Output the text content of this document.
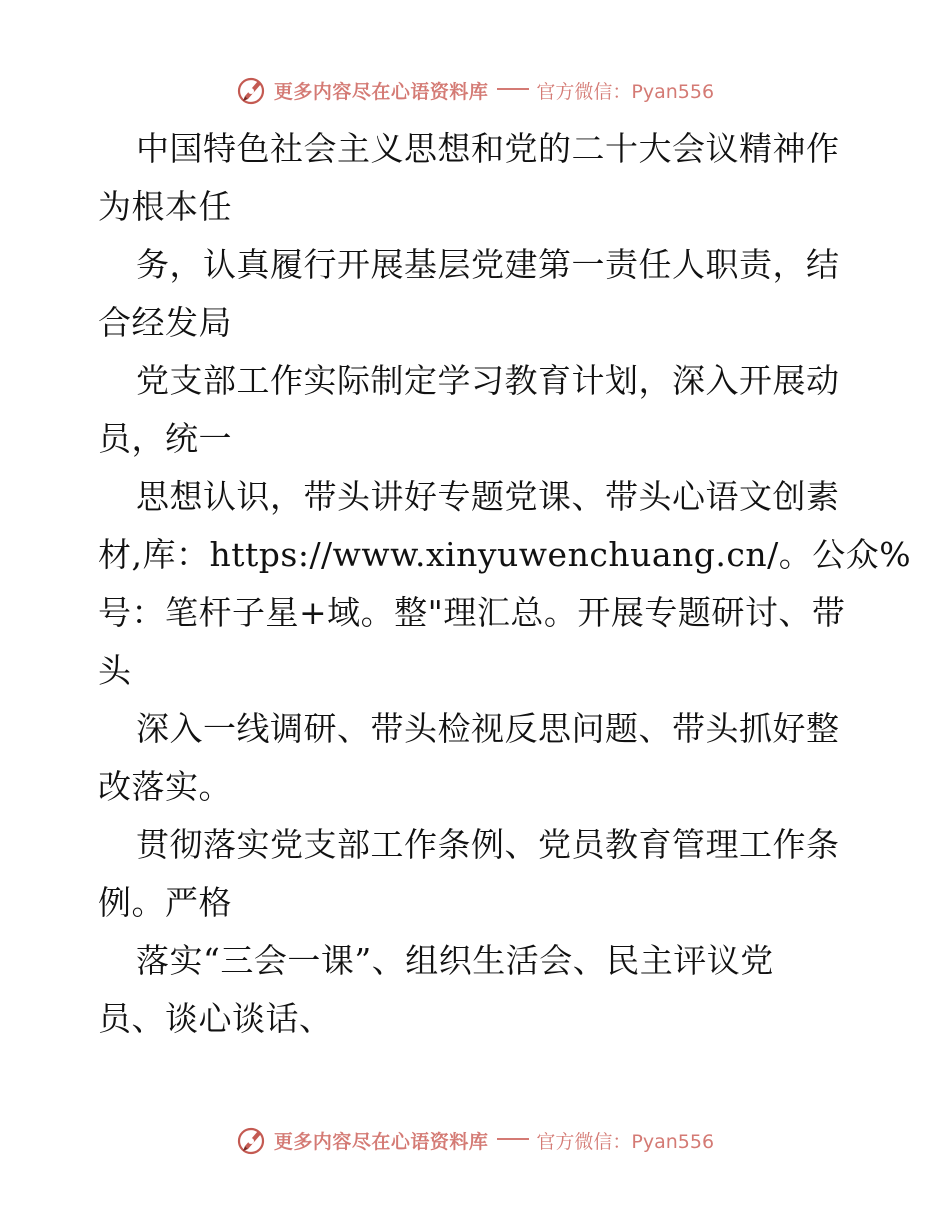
更多内容尽在心语资料库	官方微信：Pyan556
中国特色社会主义思想和党的二十大会议精神作
为根本任
务，认真履行开展基层党建第一责任人职责，结
合经发局
党支部工作实际制定学习教育计划，深入开展动
员，统一
思想认识，带头讲好专题党课、带头心语文创素
材,库：https://www.xinyuwenchuang.cn/。公众%
号：笔杆子星+域。整"理汇总。开展专题研讨、带
头
深入一线调研、带头检视反思问题、带头抓好整
改落实。
贯彻落实党支部工作条例、党员教育管理工作条
例。严格
落实“三会一课”、组织生活会、民主评议党
员、谈心谈话、
更多内容尽在心语资料库	官方微信：Pyan556
